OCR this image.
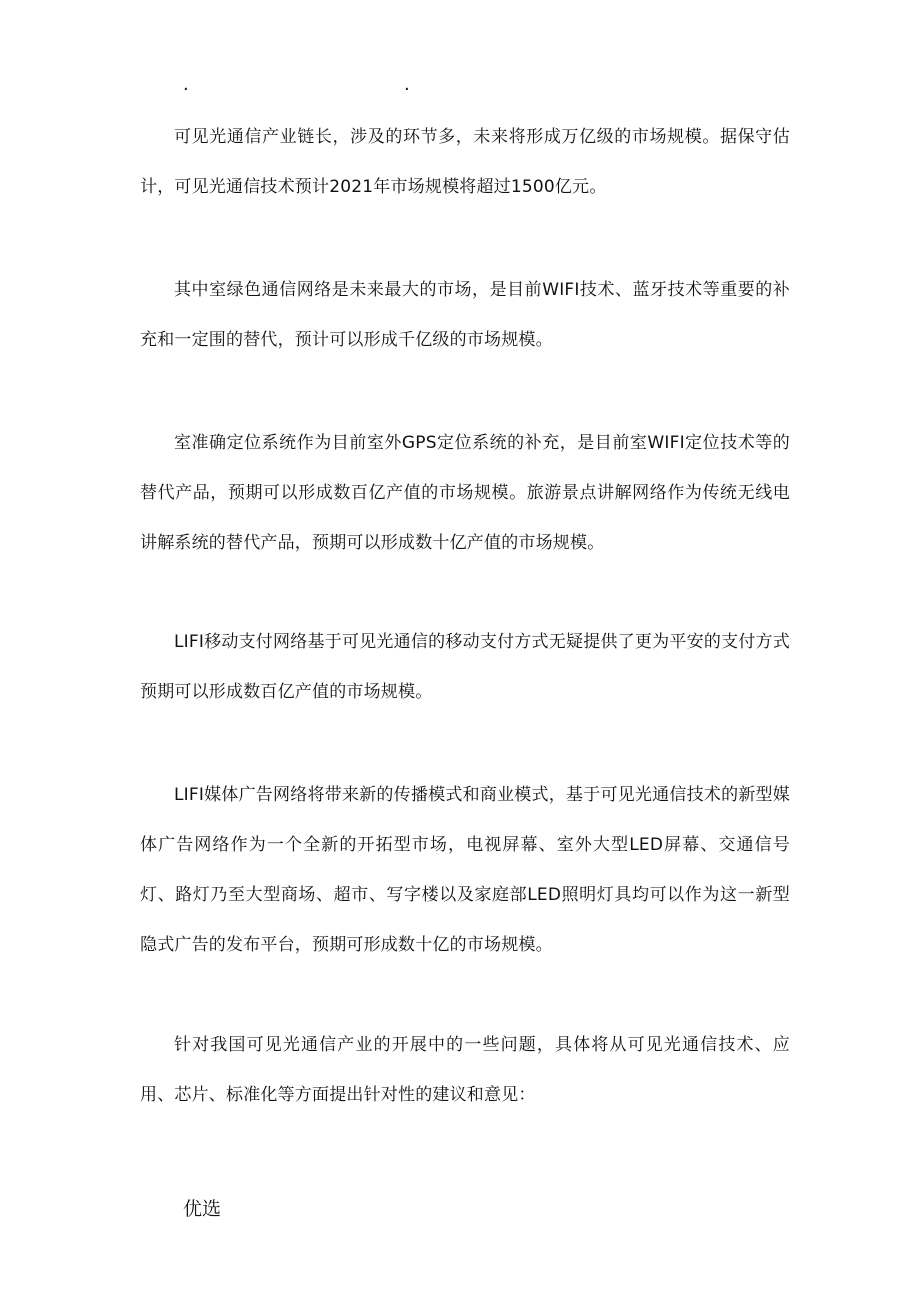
·	·

可见光通信产业链长，涉及的环节多，未来将形成万亿级的市场规模。据保守估计，可见光通信技术预计2021年市场规模将超过1500亿元。

其中室绿色通信网络是未来最大的市场，是目前WIFI技术、蓝牙技术等重要的补充和一定围的替代，预计可以形成千亿级的市场规模。

室准确定位系统作为目前室外GPS定位系统的补充，是目前室WIFI定位技术等的替代产品，预期可以形成数百亿产值的市场规模。旅游景点讲解网络作为传统无线电讲解系统的替代产品，预期可以形成数十亿产值的市场规模。

LIFI移动支付网络基于可见光通信的移动支付方式无疑提供了更为平安的支付方式预期可以形成数百亿产值的市场规模。

LIFI媒体广告网络将带来新的传播模式和商业模式，基于可见光通信技术的新型媒体广告网络作为一个全新的开拓型市场，电视屏幕、室外大型LED屏幕、交通信号灯、路灯乃至大型商场、超市、写字楼以及家庭部LED照明灯具均可以作为这一新型隐式广告的发布平台，预期可形成数十亿的市场规模。

针对我国可见光通信产业的开展中的一些问题，具体将从可见光通信技术、应用、芯片、标准化等方面提出针对性的建议和意见：

优选
